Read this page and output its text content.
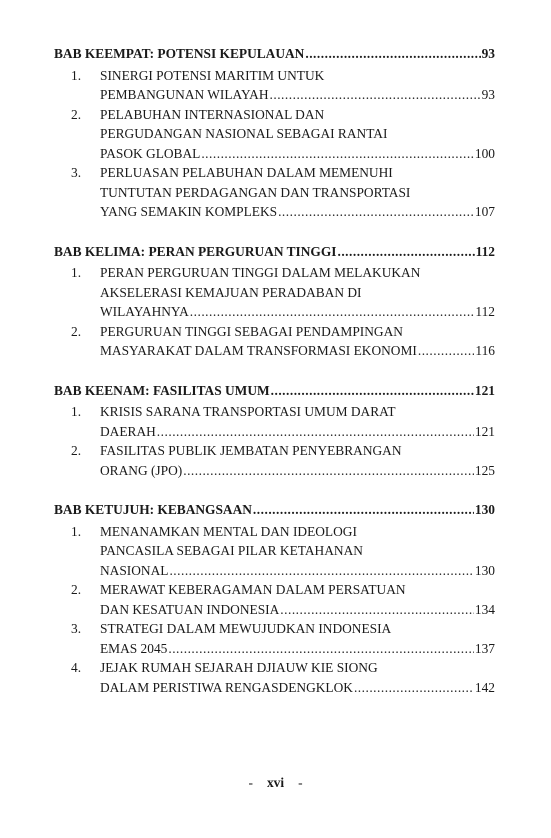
BAB KEEMPAT: POTENSI KEPULAUAN .....	93
1. SINERGI POTENSI MARITIM UNTUK
PEMBANGUNAN WILAYAH .....	93
2. PELABUHAN INTERNASIONAL DAN
PERGUDANGAN NASIONAL SEBAGAI RANTAI
PASOK GLOBAL .....	100
3. PERLUASAN PELABUHAN DALAM MEMENUHI
TUNTUTAN PERDAGANGAN DAN TRANSPORTASI
YANG SEMAKIN KOMPLEKS .....	107
BAB KELIMA: PERAN PERGURUAN TINGGI .....	112
1. PERAN PERGURUAN TINGGI DALAM MELAKUKAN
AKSELERASI KEMAJUAN PERADABAN DI
WILAYAHNYA .....	112
2. PERGURUAN TINGGI SEBAGAI PENDAMPINGAN
MASYARAKAT DALAM TRANSFORMASI EKONOMI .....	116
BAB KEENAM: FASILITAS UMUM .....	121
1. KRISIS SARANA TRANSPORTASI UMUM DARAT
DAERAH .....	121
2. FASILITAS PUBLIK JEMBATAN PENYEBRANGAN
ORANG (JPO) .....	125
BAB KETUJUH: KEBANGSAAN .....	130
1. MENANAMKAN MENTAL DAN IDEOLOGI
PANCASILA SEBAGAI PILAR KETAHANAN
NASIONAL .....	130
2. MERAWAT KEBERAGAMAN DALAM PERSATUAN
DAN KESATUAN INDONESIA .....	134
3. STRATEGI DALAM MEWUJUDKAN INDONESIA
EMAS 2045 .....	137
4. JEJAK RUMAH SEJARAH DJIAUW KIE SIONG
DALAM PERISTIWA RENGASDENGKLOK .....	142
- xvi -
